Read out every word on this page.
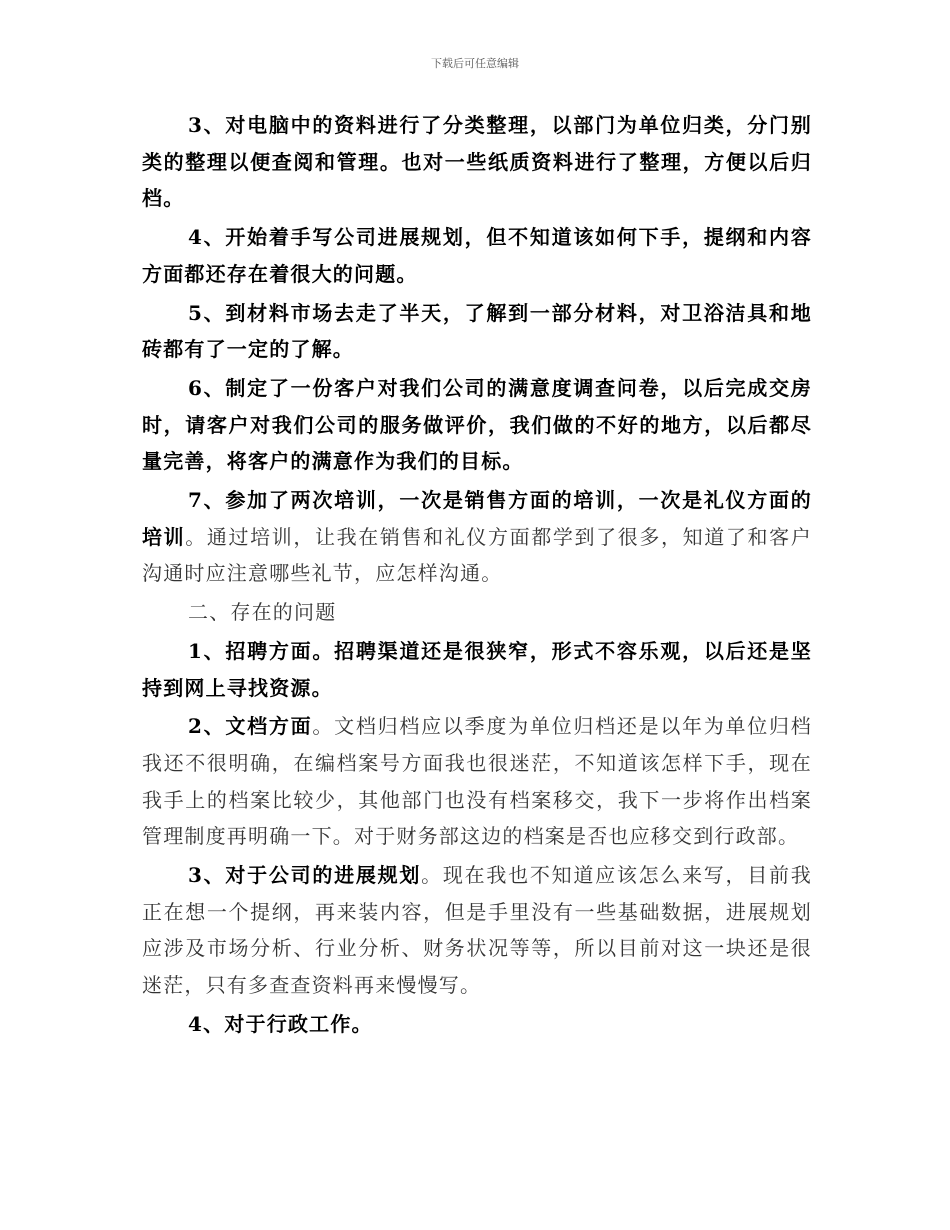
下载后可任意编辑

3、对电脑中的资料进行了分类整理，以部门为单位归类，分门别类的整理以便查阅和管理。也对一些纸质资料进行了整理，方便以后归档。

4、开始着手写公司进展规划，但不知道该如何下手，提纲和内容方面都还存在着很大的问题。

5、到材料市场去走了半天，了解到一部分材料，对卫浴洁具和地砖都有了一定的了解。

6、制定了一份客户对我们公司的满意度调查问卷，以后完成交房时，请客户对我们公司的服务做评价，我们做的不好的地方，以后都尽量完善，将客户的满意作为我们的目标。

7、参加了两次培训，一次是销售方面的培训，一次是礼仪方面的培训。通过培训，让我在销售和礼仪方面都学到了很多，知道了和客户沟通时应注意哪些礼节，应怎样沟通。

二、存在的问题

1、招聘方面。招聘渠道还是很狭窄，形式不容乐观，以后还是坚持到网上寻找资源。

2、文档方面。文档归档应以季度为单位归档还是以年为单位归档我还不很明确，在编档案号方面我也很迷茫，不知道该怎样下手，现在我手上的档案比较少，其他部门也没有档案移交，我下一步将作出档案管理制度再明确一下。对于财务部这边的档案是否也应移交到行政部。

3、对于公司的进展规划。现在我也不知道应该怎么来写，目前我正在想一个提纲，再来装内容，但是手里没有一些基础数据，进展规划应涉及市场分析、行业分析、财务状况等等，所以目前对这一块还是很迷茫，只有多查查资料再来慢慢写。

4、对于行政工作。
